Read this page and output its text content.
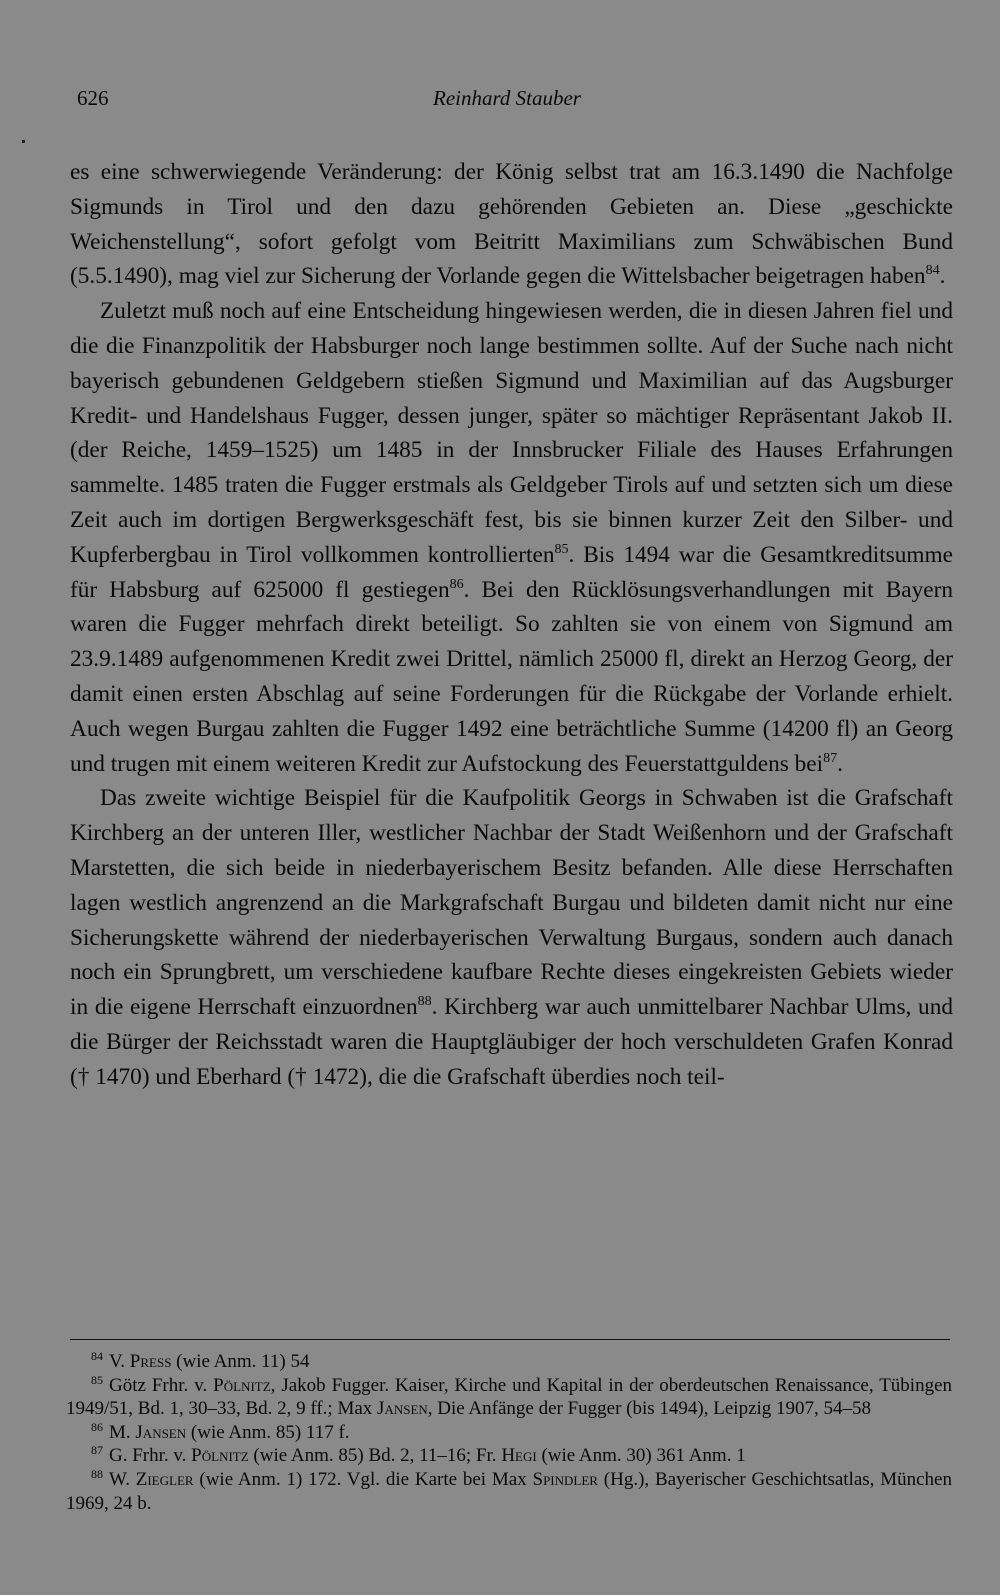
626	Reinhard Stauber

es eine schwerwiegende Veränderung: der König selbst trat am 16.3.1490 die Nachfolge Sigmunds in Tirol und den dazu gehörenden Gebieten an. Diese „geschickte Weichenstellung“, sofort gefolgt vom Beitritt Maximilians zum Schwäbischen Bund (5.5.1490), mag viel zur Sicherung der Vorlande gegen die Wittelsbacher beigetragen haben$^{84}$.

Zuletzt muß noch auf eine Entscheidung hingewiesen werden, die in diesen Jahren fiel und die die Finanzpolitik der Habsburger noch lange bestimmen sollte. Auf der Suche nach nicht bayerisch gebundenen Geldgebern stießen Sigmund und Maximilian auf das Augsburger Kredit- und Handelshaus Fugger, dessen junger, später so mächtiger Repräsentant Jakob II. (der Reiche, 1459–1525) um 1485 in der Innsbrucker Filiale des Hauses Erfahrungen sammelte. 1485 traten die Fugger erstmals als Geldgeber Tirols auf und setzten sich um diese Zeit auch im dortigen Bergwerksgeschäft fest, bis sie binnen kurzer Zeit den Silber- und Kupferbergbau in Tirol vollkommen kontrollierten$^{85}$. Bis 1494 war die Gesamtkreditsumme für Habsburg auf 625000 fl gestiegen$^{86}$. Bei den Rücklösungsverhandlungen mit Bayern waren die Fugger mehrfach direkt beteiligt. So zahlten sie von einem von Sigmund am 23.9.1489 aufgenommenen Kredit zwei Drittel, nämlich 25000 fl, direkt an Herzog Georg, der damit einen ersten Abschlag auf seine Forderungen für die Rückgabe der Vorlande erhielt. Auch wegen Burgau zahlten die Fugger 1492 eine beträchtliche Summe (14200 fl) an Georg und trugen mit einem weiteren Kredit zur Aufstockung des Feuerstattguldens bei$^{87}$.

Das zweite wichtige Beispiel für die Kaufpolitik Georgs in Schwaben ist die Grafschaft Kirchberg an der unteren Iller, westlicher Nachbar der Stadt Weißenhorn und der Grafschaft Marstetten, die sich beide in niederbayerischem Besitz befanden. Alle diese Herrschaften lagen westlich angrenzend an die Markgrafschaft Burgau und bildeten damit nicht nur eine Sicherungskette während der niederbayerischen Verwaltung Burgaus, sondern auch danach noch ein Sprungbrett, um verschiedene kaufbare Rechte dieses eingekreisten Gebiets wieder in die eigene Herrschaft einzuordnen$^{88}$. Kirchberg war auch unmittelbarer Nachbar Ulms, und die Bürger der Reichsstadt waren die Hauptgläubiger der hoch verschuldeten Grafen Konrad († 1470) und Eberhard († 1472), die die Grafschaft überdies noch teil-

$^{84}$ V. Press (wie Anm. 11) 54
$^{85}$ Götz Frhr. v. Pölnitz, Jakob Fugger. Kaiser, Kirche und Kapital in der oberdeutschen Renaissance, Tübingen 1949/51, Bd. 1, 30–33, Bd. 2, 9 ff.; Max Jansen, Die Anfänge der Fugger (bis 1494), Leipzig 1907, 54–58
$^{86}$ M. Jansen (wie Anm. 85) 117 f.
$^{87}$ G. Frhr. v. Pölnitz (wie Anm. 85) Bd. 2, 11–16; Fr. Hegi (wie Anm. 30) 361 Anm. 1
$^{88}$ W. Ziegler (wie Anm. 1) 172. Vgl. die Karte bei Max Spindler (Hg.), Bayerischer Geschichtsatlas, München 1969, 24 b.
